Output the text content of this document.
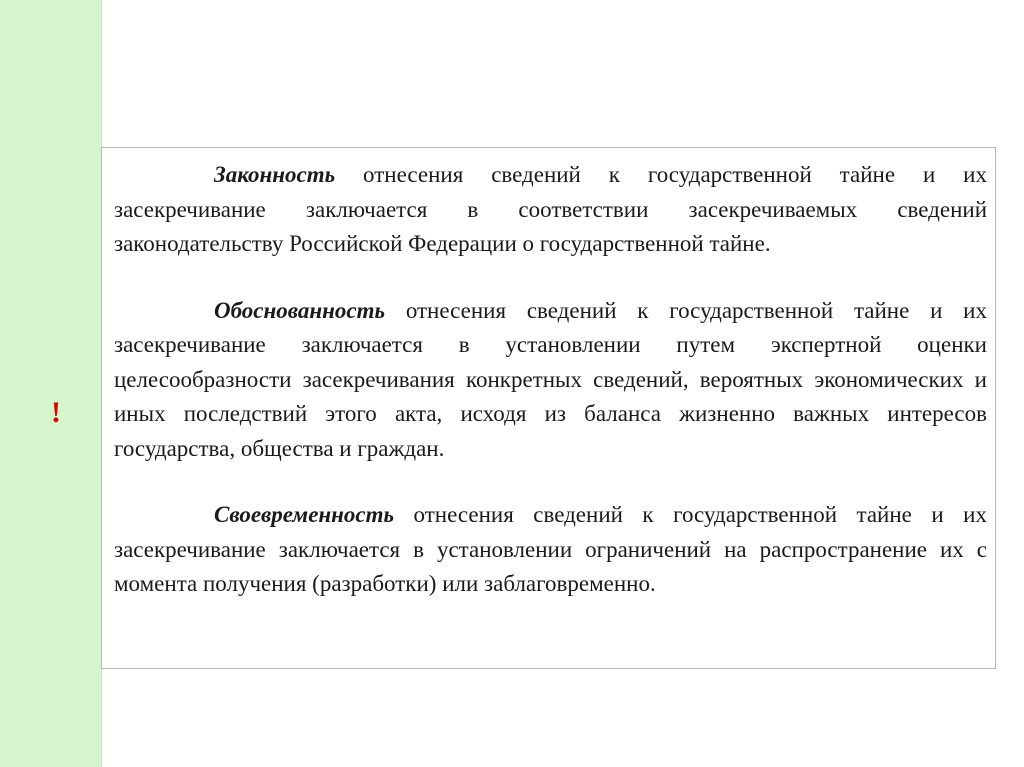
!

Законность отнесения сведений к государственной тайне и их засекречивание заключается в соответствии засекречиваемых сведений законодательству Российской Федерации о государственной тайне.

Обоснованность отнесения сведений к государственной тайне и их засекречивание заключается в установлении путем экспертной оценки целесообразности засекречивания конкретных сведений, вероятных экономических и иных последствий этого акта, исходя из баланса жизненно важных интересов государства, общества и граждан.

Своевременность отнесения сведений к государственной тайне и их засекречивание заключается в установлении ограничений на распространение их с момента получения (разработки) или заблаговременно.
